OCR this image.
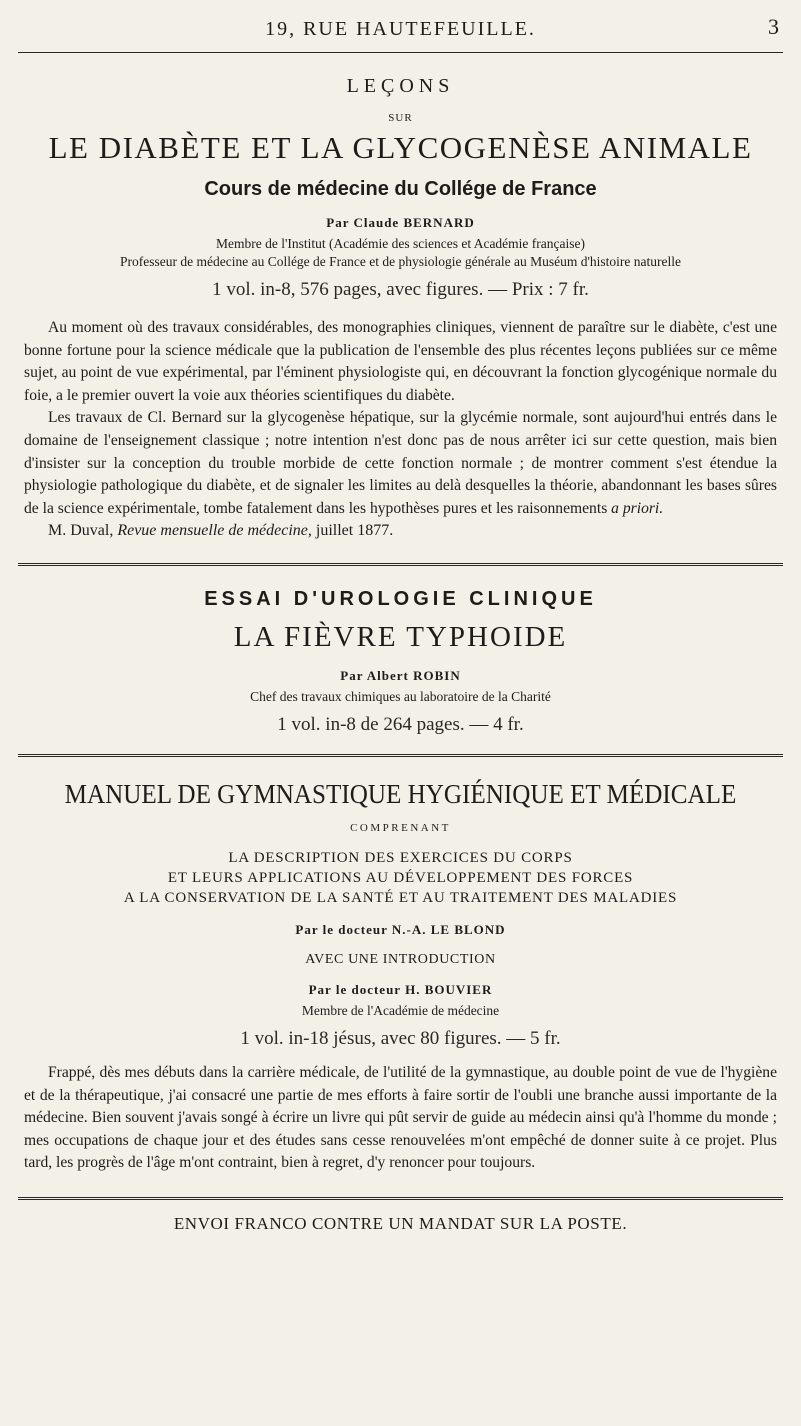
19, RUE HAUTEFEUILLE.	3
LEÇONS
SUR
LE DIABÈTE ET LA GLYCOGENÈSE ANIMALE
Cours de médecine du Collége de France
Par Claude BERNARD
Membre de l'Institut (Académie des sciences et Académie française)
Professeur de médecine au Collége de France et de physiologie générale au Muséum d'histoire naturelle
1 vol. in-8, 576 pages, avec figures. — Prix : 7 fr.

Au moment où des travaux considérables, des monographies cliniques, viennent de paraître sur le diabète, c'est une bonne fortune pour la science médicale que la publication de l'ensemble des plus récentes leçons publiées sur ce même sujet, au point de vue expérimental, par l'éminent physiologiste qui, en découvrant la fonction glycogénique normale du foie, a le premier ouvert la voie aux théories scientifiques du diabète.

Les travaux de Cl. Bernard sur la glycogenèse hépatique, sur la glycémie normale, sont aujourd'hui entrés dans le domaine de l'enseignement classique ; notre intention n'est donc pas de nous arrêter ici sur cette question, mais bien d'insister sur la conception du trouble morbide de cette fonction normale ; de montrer comment s'est étendue la physiologie pathologique du diabète, et de signaler les limites au delà desquelles la théorie, abandonnant les bases sûres de la science expérimentale, tombe fatalement dans les hypothèses pures et les raisonnements a priori.

M. Duval, Revue mensuelle de médecine, juillet 1877.

ESSAI D'UROLOGIE CLINIQUE
LA FIÈVRE TYPHOIDE
Par Albert ROBIN
Chef des travaux chimiques au laboratoire de la Charité
1 vol. in-8 de 264 pages. — 4 fr.
MANUEL DE GYMNASTIQUE HYGIÉNIQUE ET MÉDICALE
COMPRENANT
LA DESCRIPTION DES EXERCICES DU CORPS
ET LEURS APPLICATIONS AU DÉVELOPPEMENT DES FORCES
A LA CONSERVATION DE LA SANTÉ ET AU TRAITEMENT DES MALADIES
Par le docteur N.-A. LE BLOND
AVEC UNE INTRODUCTION
Par le docteur H. BOUVIER
Membre de l'Académie de médecine
1 vol. in-18 jésus, avec 80 figures. — 5 fr.

Frappé, dès mes débuts dans la carrière médicale, de l'utilité de la gymnastique, au double point de vue de l'hygiène et de la thérapeutique, j'ai consacré une partie de mes efforts à faire sortir de l'oubli une branche aussi importante de la médecine. Bien souvent j'avais songé à écrire un livre qui pût servir de guide au médecin ainsi qu'à l'homme du monde ; mes occupations de chaque jour et des études sans cesse renouvelées m'ont empêché de donner suite à ce projet. Plus tard, les progrès de l'âge m'ont contraint, bien à regret, d'y renoncer pour toujours.

ENVOI FRANCO CONTRE UN MANDAT SUR LA POSTE.
